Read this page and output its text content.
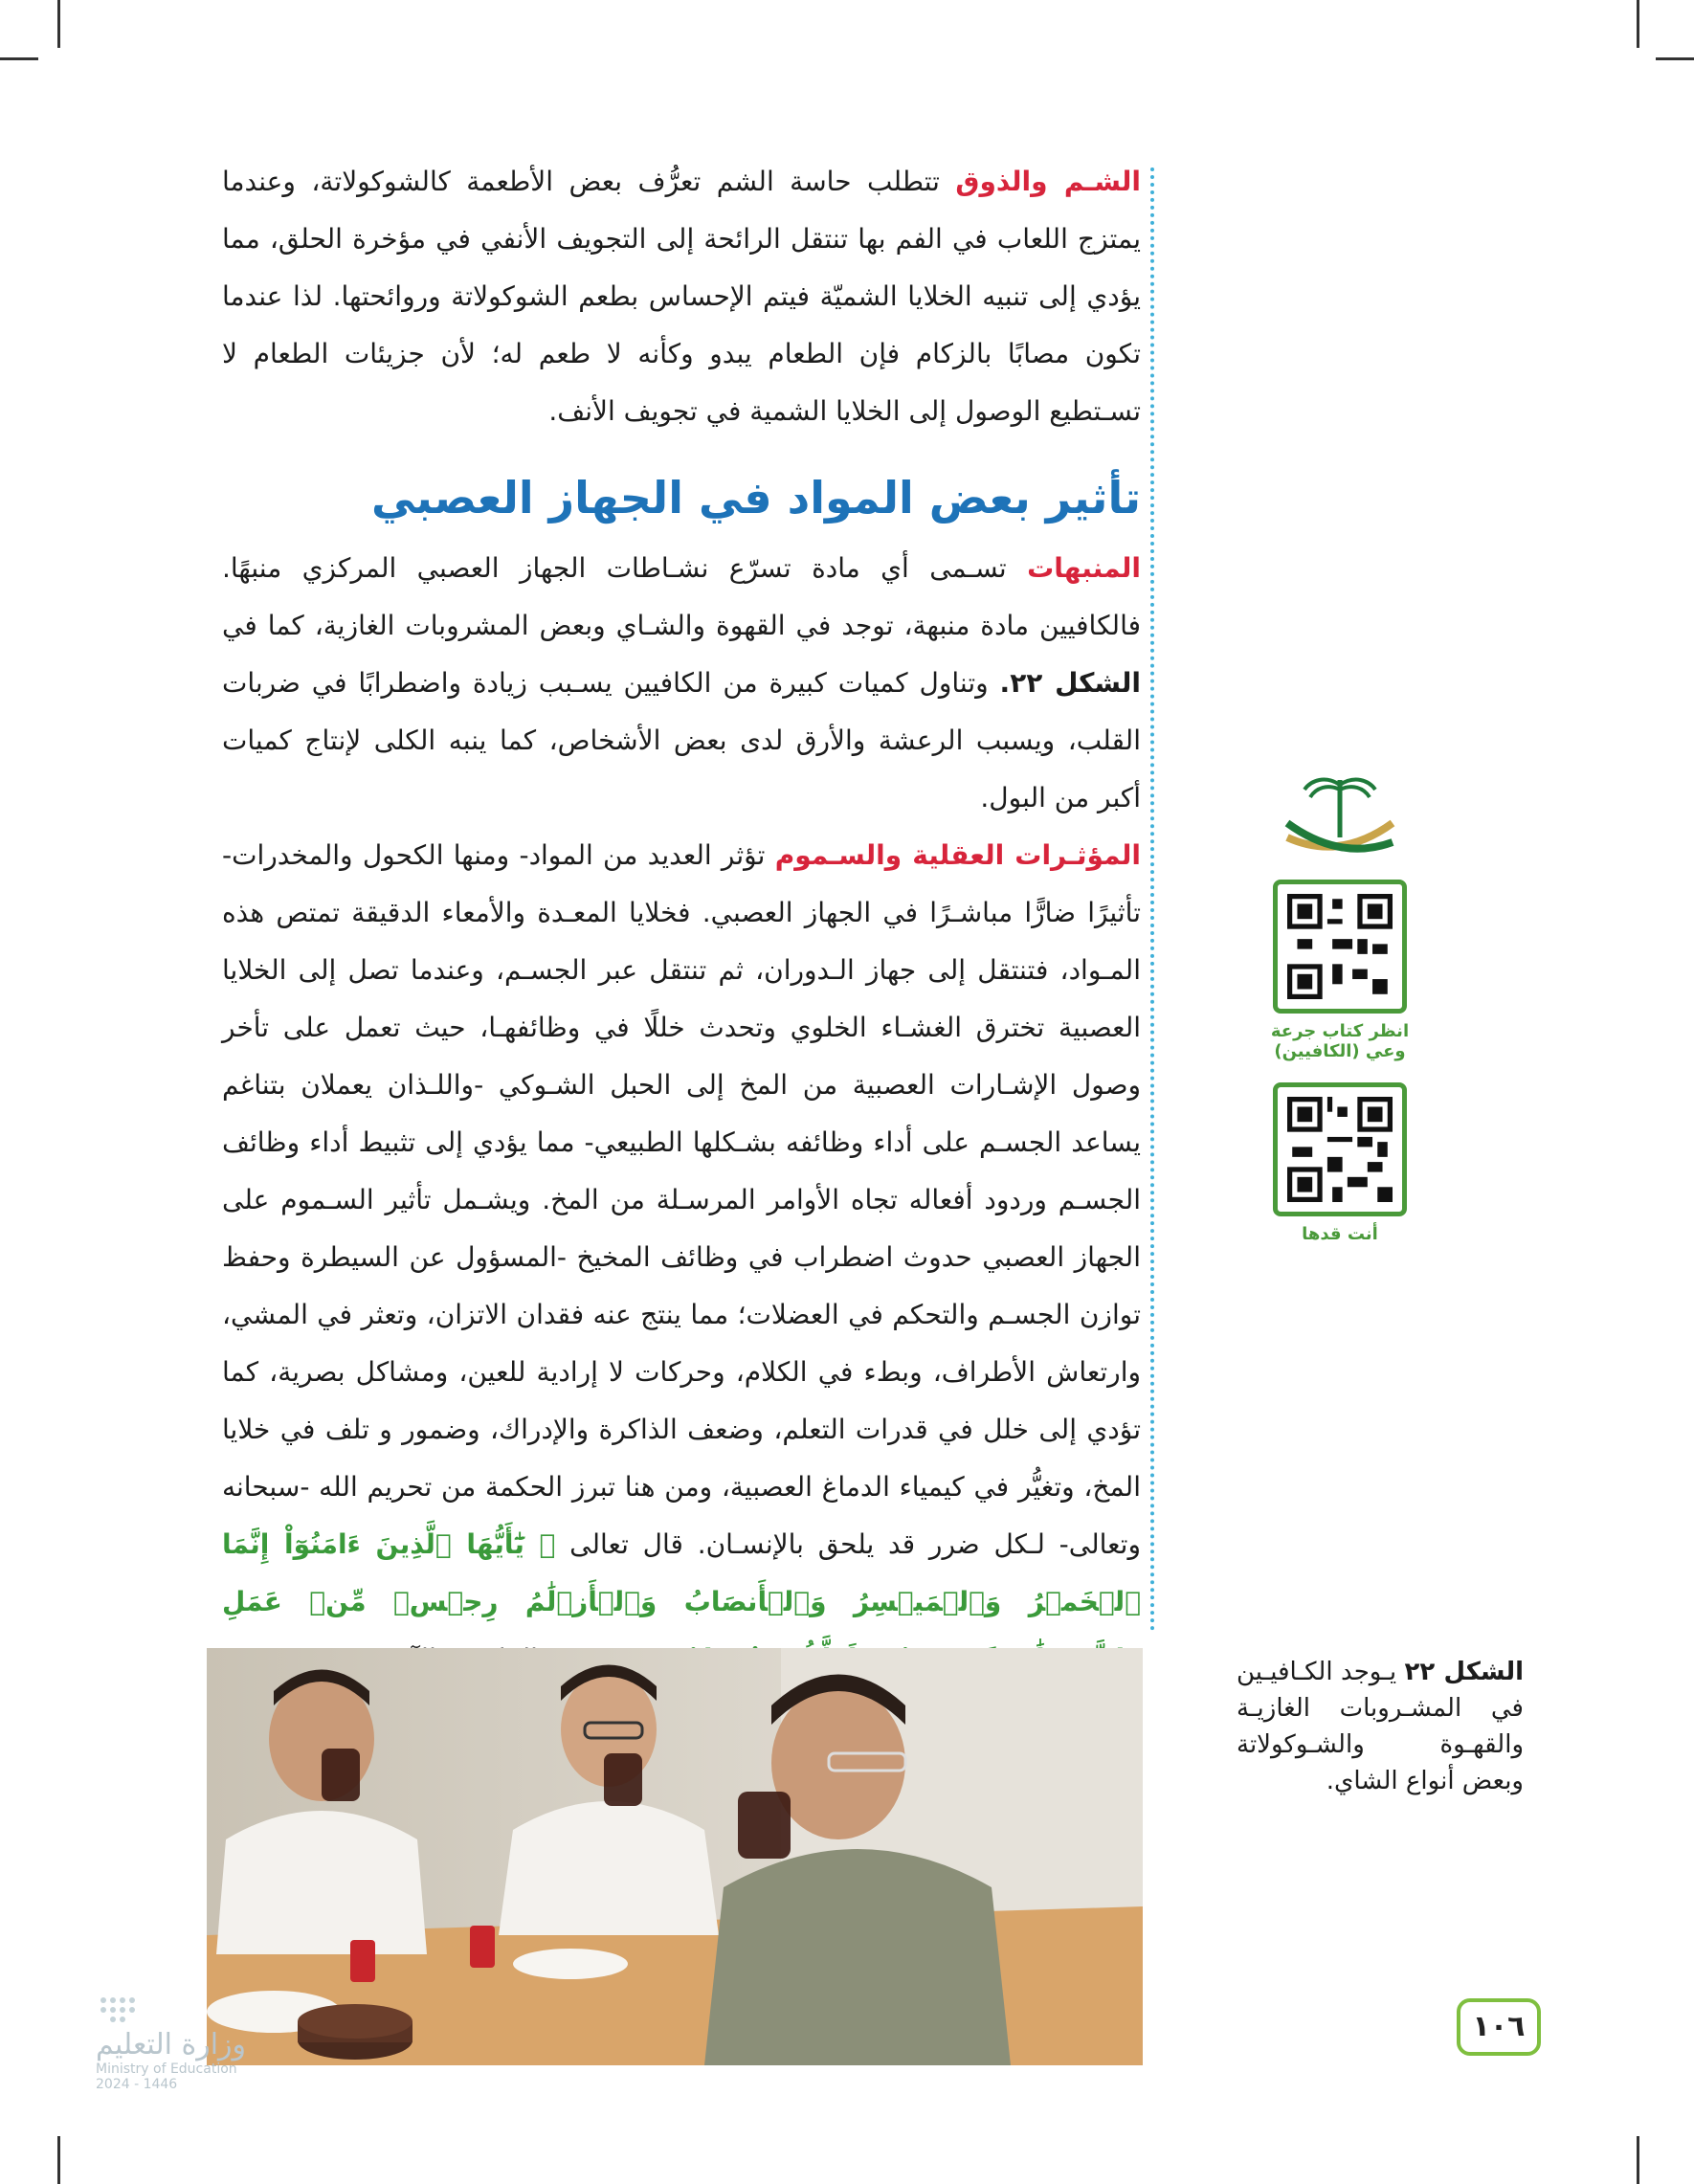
الشـم والذوق تتطلب حاسة الشم تعرُّف بعض الأطعمة كالشوكولاتة، وعندما يمتزج اللعاب في الفم بها تنتقل الرائحة إلى التجويف الأنفي في مؤخرة الحلق، مما يؤدي إلى تنبيه الخلايا الشميّة فيتم الإحساس بطعم الشوكولاتة وروائحتها. لذا عندما تكون مصابًا بالزكام فإن الطعام يبدو وكأنه لا طعم له؛ لأن جزيئات الطعام لا تسـتطيع الوصول إلى الخلايا الشمية في تجويف الأنف.

تأثير بعض المواد في الجهاز العصبي

المنبهات تسـمى أي مادة تسرّع نشـاطات الجهاز العصبي المركزي منبهًا. فالكافيين مادة منبهة، توجد في القهوة والشـاي وبعض المشروبات الغازية، كما في الشكل ٢٢. وتناول كميات كبيرة من الكافيين يسـبب زيادة واضطرابًا في ضربات القلب، ويسبب الرعشة والأرق لدى بعض الأشخاص، كما ينبه الكلى لإنتاج كميات أكبر من البول.

المؤثـرات العقلية والسـموم تؤثر العديد من المواد- ومنها الكحول والمخدرات- تأثيرًا ضارًّا مباشـرًا في الجهاز العصبي. فخلايا المعـدة والأمعاء الدقيقة تمتص هذه المـواد، فتنتقل إلى جهاز الـدوران، ثم تنتقل عبر الجسـم، وعندما تصل إلى الخلايا العصبية تخترق الغشـاء الخلوي وتحدث خللًا في وظائفهـا، حيث تعمل على تأخر وصول الإشـارات العصبية من المخ إلى الحبل الشـوكي -واللـذان يعملان بتناغم يساعد الجسـم على أداء وظائفه بشـكلها الطبيعي- مما يؤدي إلى تثبيط أداء وظائف الجسـم وردود أفعاله تجاه الأوامر المرسـلة من المخ. ويشـمل تأثير السـموم على الجهاز العصبي حدوث اضطراب في وظائف المخيخ -المسؤول عن السيطرة وحفظ توازن الجسـم والتحكم في العضلات؛ مما ينتج عنه فقدان الاتزان، وتعثر في المشي، وارتعاش الأطراف، وبطء في الكلام، وحركات لا إرادية للعين، ومشاكل بصرية، كما تؤدي إلى خلل في قدرات التعلم، وضعف الذاكرة والإدراك، وضمور و تلف في خلايا المخ، وتغيُّر في كيمياء الدماغ العصبية، ومن هنا تبرز الحكمة من تحريم الله -سبحانه وتعالى- لـكل ضرر قد يلحق بالإنسـان. قال تعالى ﴿ يَٰٓأَيُّهَا ٱلَّذِينَ ءَامَنُوٓاْ إِنَّمَا ٱلۡخَمۡرُ وَٱلۡمَيۡسِرُ وَٱلۡأَنصَابُ وَٱلۡأَزۡلَٰمُ رِجۡسٞ مِّنۡ عَمَلِ

انظر كتاب جرعة وعي (الكافيين)
أنت قدها
الشكل ٢٢ يـوجد الكـافيـين في المشـروبات الغازيـة والقهـوة والشـوكولاتة وبعض أنواع الشاي.
١٠٦
وزارة التعليم
Ministry of Education
2024 - 1446
